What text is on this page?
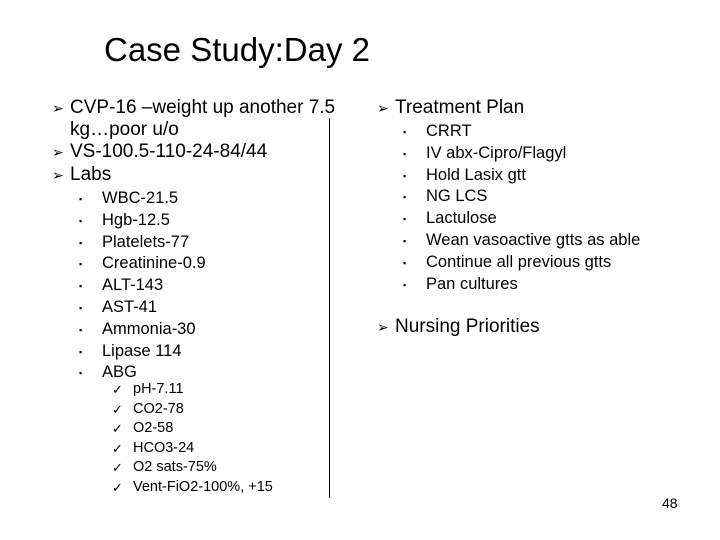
Case Study:Day 2
➢ CVP-16 –weight up another 7.5
kg…poor u/o
➢ VS-100.5-110-24-84/44
➢ Labs
▪ WBC-21.5
▪ Hgb-12.5
▪ Platelets-77
▪ Creatinine-0.9
▪ ALT-143
▪ AST-41
▪ Ammonia-30
▪ Lipase 114
▪ ABG
✓ pH-7.11
✓ CO2-78
✓ O2-58
✓ HCO3-24
✓ O2 sats-75%
✓ Vent-FiO2-100%, +15
➢ Treatment Plan
▪ CRRT
▪ IV abx-Cipro/Flagyl
▪ Hold Lasix gtt
▪ NG LCS
▪ Lactulose
▪ Wean vasoactive gtts as able
▪ Continue all previous gtts
▪ Pan cultures
➢ Nursing Priorities
48
